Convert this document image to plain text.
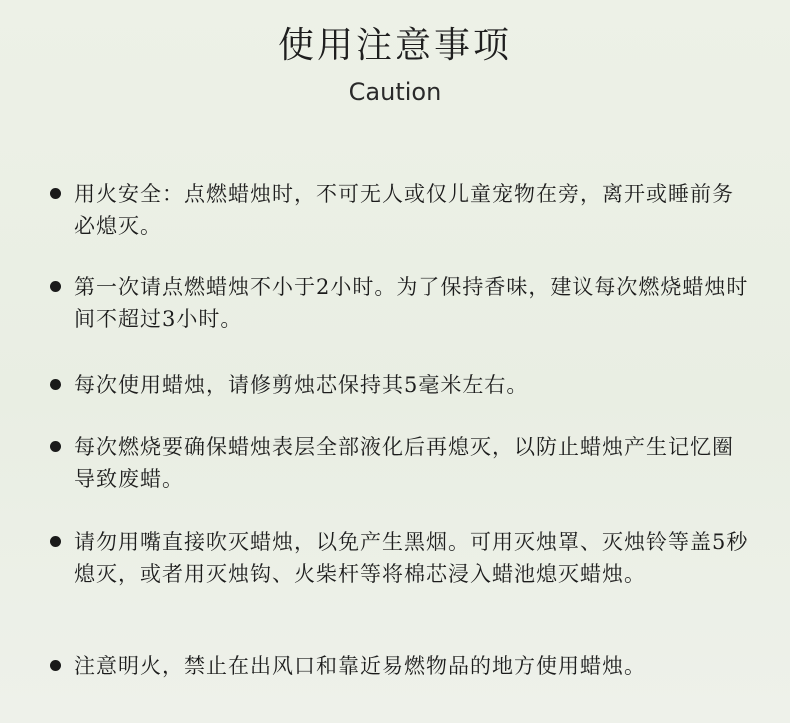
使用注意事项
Caution
用火安全：点燃蜡烛时，不可无人或仅儿童宠物在旁，离开或睡前务必熄灭。
第一次请点燃蜡烛不小于2小时。为了保持香味，建议每次燃烧蜡烛时间不超过3小时。
每次使用蜡烛，请修剪烛芯保持其5毫米左右。
每次燃烧要确保蜡烛表层全部液化后再熄灭，以防止蜡烛产生记忆圈导致废蜡。
请勿用嘴直接吹灭蜡烛，以免产生黑烟。可用灭烛罩、灭烛铃等盖5秒熄灭，或者用灭烛钩、火柴杆等将棉芯浸入蜡池熄灭蜡烛。
注意明火，禁止在出风口和靠近易燃物品的地方使用蜡烛。
